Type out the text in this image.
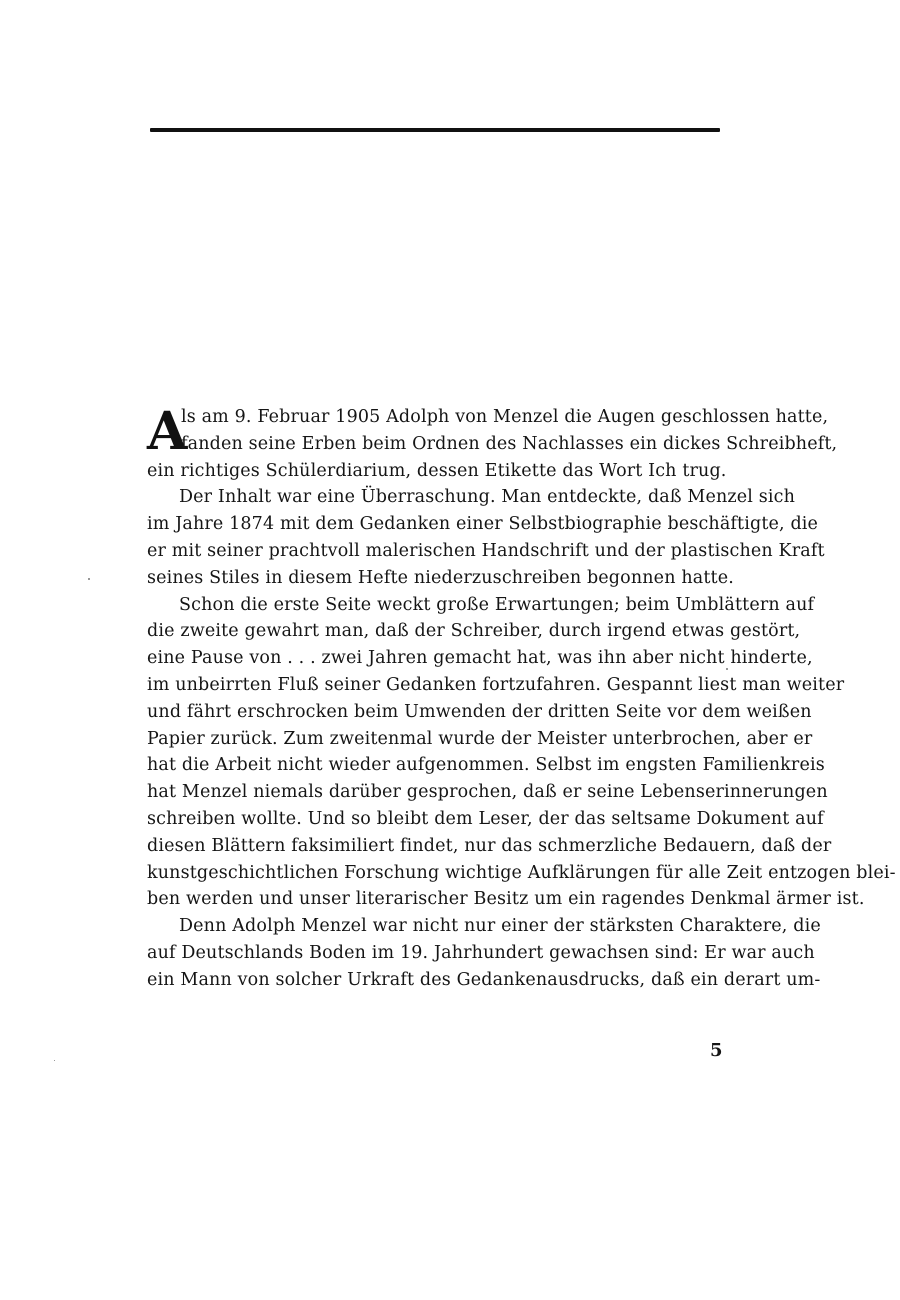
A
ls am 9. Februar 1905 Adolph von Menzel die Augen geschlossen hatte,
fanden seine Erben beim Ordnen des Nachlasses ein dickes Schreibheft,
ein richtiges Schülerdiarium, dessen Etikette das Wort Ich trug.
Der Inhalt war eine Überraschung. Man entdeckte, daß Menzel sich
im Jahre 1874 mit dem Gedanken einer Selbstbiographie beschäftigte, die
er mit seiner prachtvoll malerischen Handschrift und der plastischen Kraft
seines Stiles in diesem Hefte niederzuschreiben begonnen hatte.
Schon die erste Seite weckt große Erwartungen; beim Umblättern auf
die zweite gewahrt man, daß der Schreiber, durch irgend etwas gestört,
eine Pause von . . . zwei Jahren gemacht hat, was ihn aber nicht hinderte,
im unbeirrten Fluß seiner Gedanken fortzufahren. Gespannt liest man weiter
und fährt erschrocken beim Umwenden der dritten Seite vor dem weißen
Papier zurück. Zum zweitenmal wurde der Meister unterbrochen, aber er
hat die Arbeit nicht wieder aufgenommen. Selbst im engsten Familienkreis
hat Menzel niemals darüber gesprochen, daß er seine Lebenserinnerungen
schreiben wollte. Und so bleibt dem Leser, der das seltsame Dokument auf
diesen Blättern faksimiliert findet, nur das schmerzliche Bedauern, daß der
kunstgeschichtlichen Forschung wichtige Aufklärungen für alle Zeit entzogen blei-
ben werden und unser literarischer Besitz um ein ragendes Denkmal ärmer ist.
Denn Adolph Menzel war nicht nur einer der stärksten Charaktere, die
auf Deutschlands Boden im 19. Jahrhundert gewachsen sind: Er war auch
ein Mann von solcher Urkraft des Gedankenausdrucks, daß ein derart um-
5
